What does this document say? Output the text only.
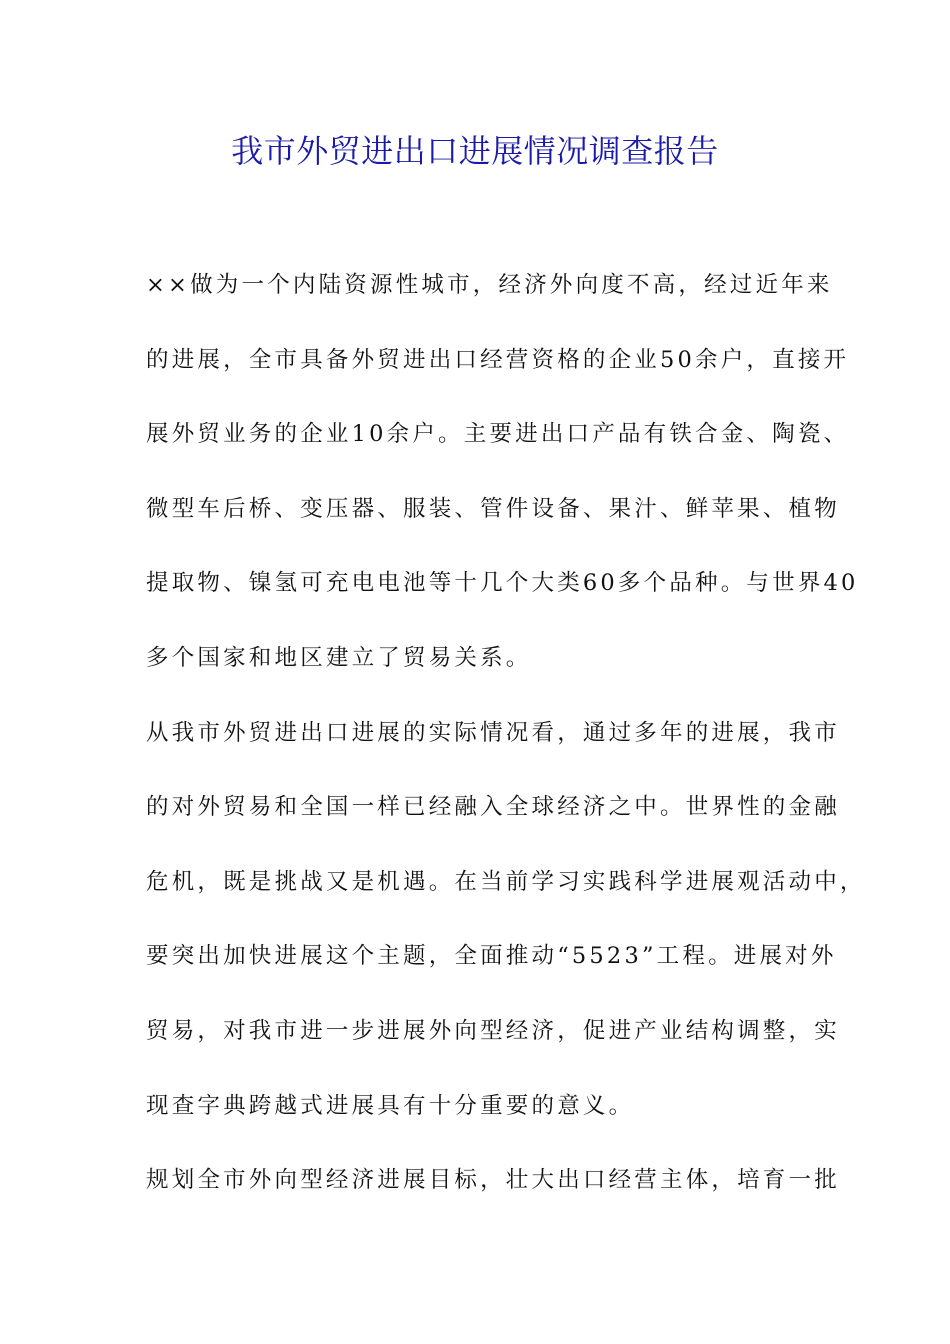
我市外贸进出口进展情况调查报告
××做为一个内陆资源性城市，经济外向度不高，经过近年来
的进展，全市具备外贸进出口经营资格的企业50余户，直接开
展外贸业务的企业10余户。主要进出口产品有铁合金、陶瓷、
微型车后桥、变压器、服装、管件设备、果汁、鲜苹果、植物
提取物、镍氢可充电电池等十几个大类60多个品种。与世界40
多个国家和地区建立了贸易关系。
从我市外贸进出口进展的实际情况看，通过多年的进展，我市
的对外贸易和全国一样已经融入全球经济之中。世界性的金融
危机，既是挑战又是机遇。在当前学习实践科学进展观活动中，
要突出加快进展这个主题，全面推动“5523”工程。进展对外
贸易，对我市进一步进展外向型经济，促进产业结构调整，实
现查字典跨越式进展具有十分重要的意义。
规划全市外向型经济进展目标，壮大出口经营主体，培育一批
